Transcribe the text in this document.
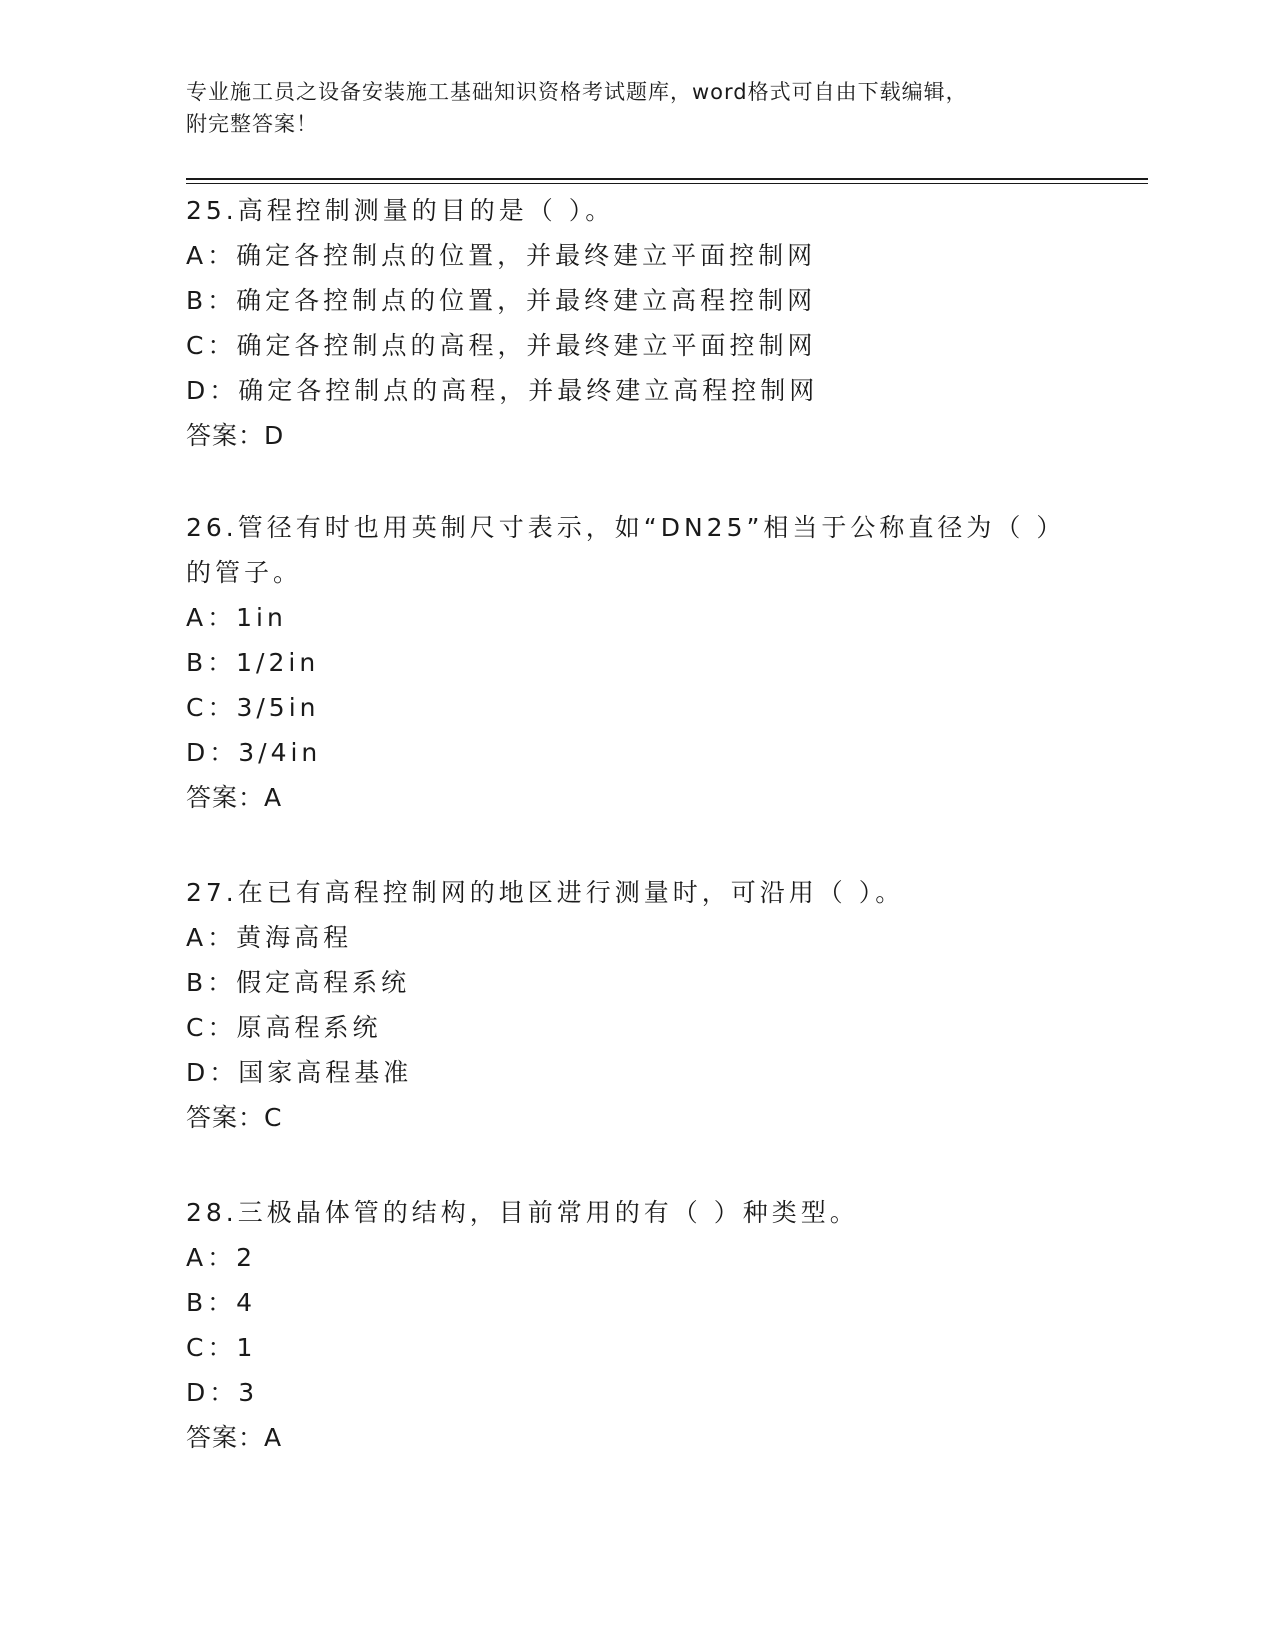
专业施工员之设备安装施工基础知识资格考试题库，word格式可自由下载编辑，
附完整答案！
25.高程控制测量的目的是（ ）。
A：确定各控制点的位置，并最终建立平面控制网
B：确定各控制点的位置，并最终建立高程控制网
C：确定各控制点的高程，并最终建立平面控制网
D：确定各控制点的高程，并最终建立高程控制网
答案：D
26.管径有时也用英制尺寸表示，如“DN25”相当于公称直径为（ ）
的管子。
A：1in
B：1/2in
C：3/5in
D：3/4in
答案：A
27.在已有高程控制网的地区进行测量时，可沿用（ ）。
A：黄海高程
B：假定高程系统
C：原高程系统
D：国家高程基准
答案：C
28.三极晶体管的结构，目前常用的有（ ）种类型。
A：2
B：4
C：1
D：3
答案：A
